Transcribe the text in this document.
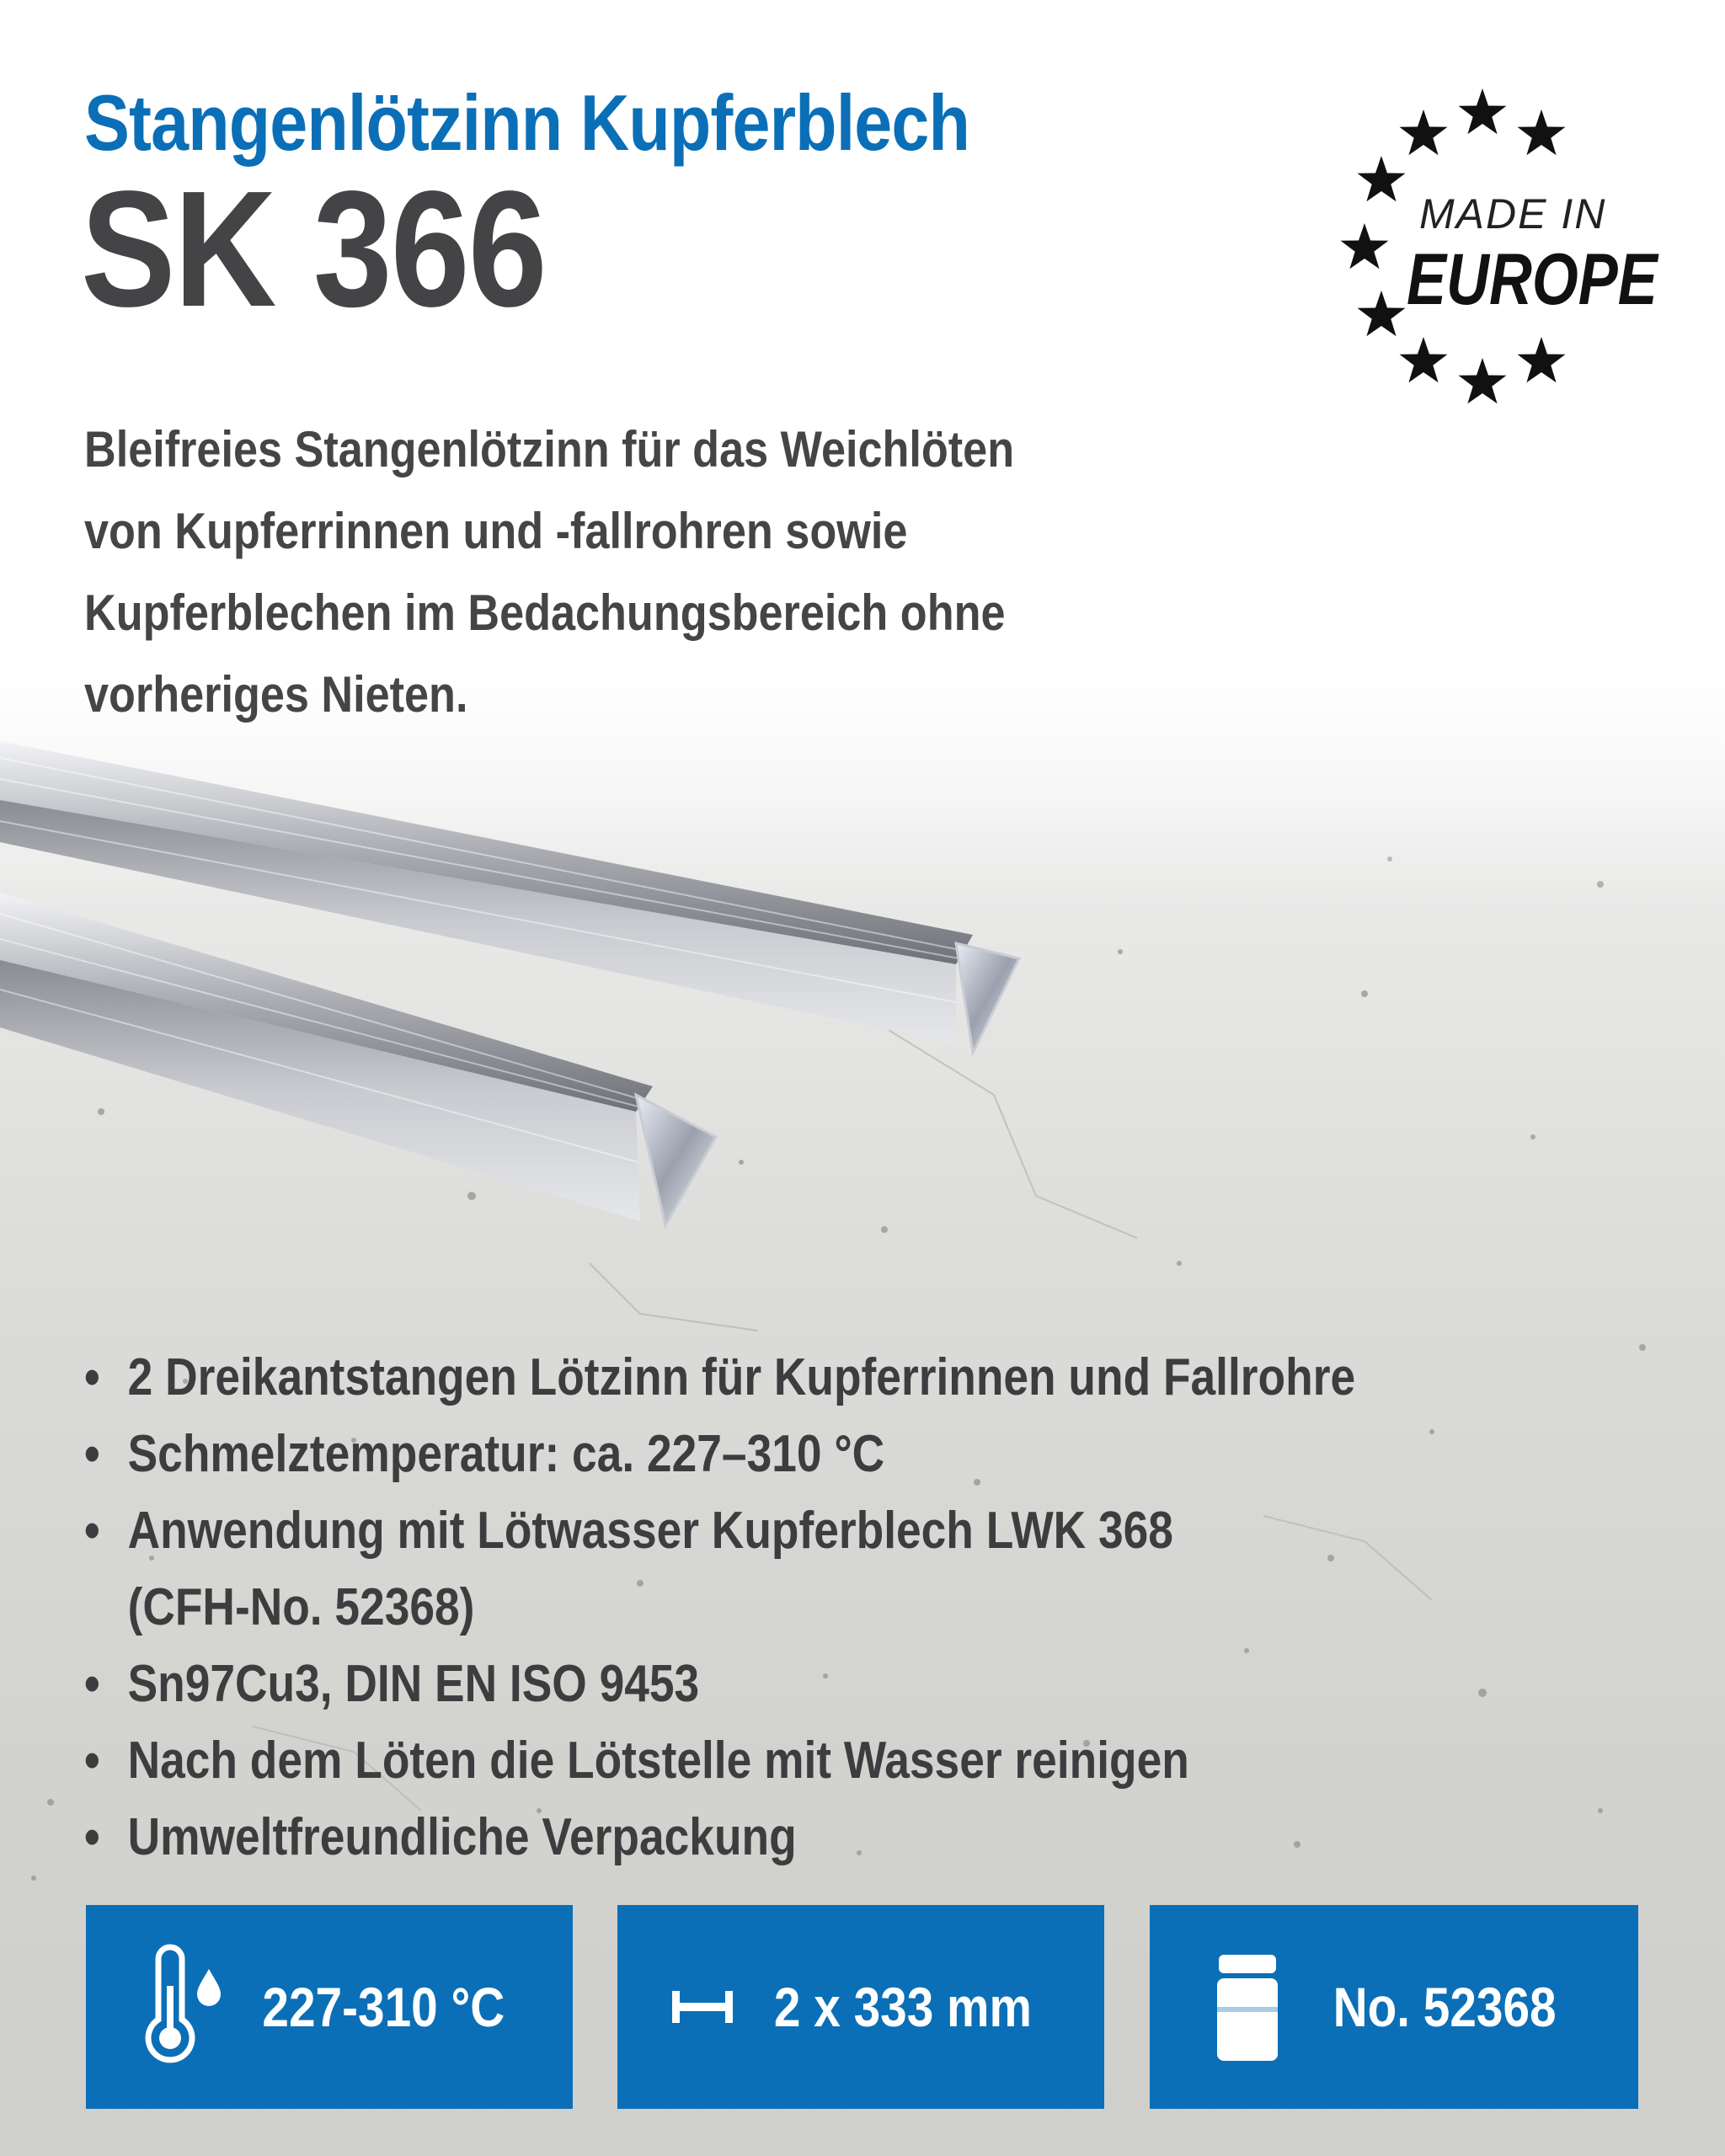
Stangenlötzinn Kupferblech
SK 366	MADE IN
EUROPE

Bleifreies Stangenlötzinn für das Weichlöten
von Kupferrinnen und -fallrohren sowie
Kupferblechen im Bedachungsbereich ohne
vorheriges Nieten.

• 2 Dreikantstangen Lötzinn für Kupferrinnen und Fallrohre
• Schmelztemperatur: ca. 227–310 °C
• Anwendung mit Lötwasser Kupferblech LWK 368
(CFH-No. 52368)
• Sn97Cu3, DIN EN ISO 9453
• Nach dem Löten die Lötstelle mit Wasser reinigen
• Umweltfreundliche Verpackung
227-310 °C	2 x 333 mm	No. 52368
